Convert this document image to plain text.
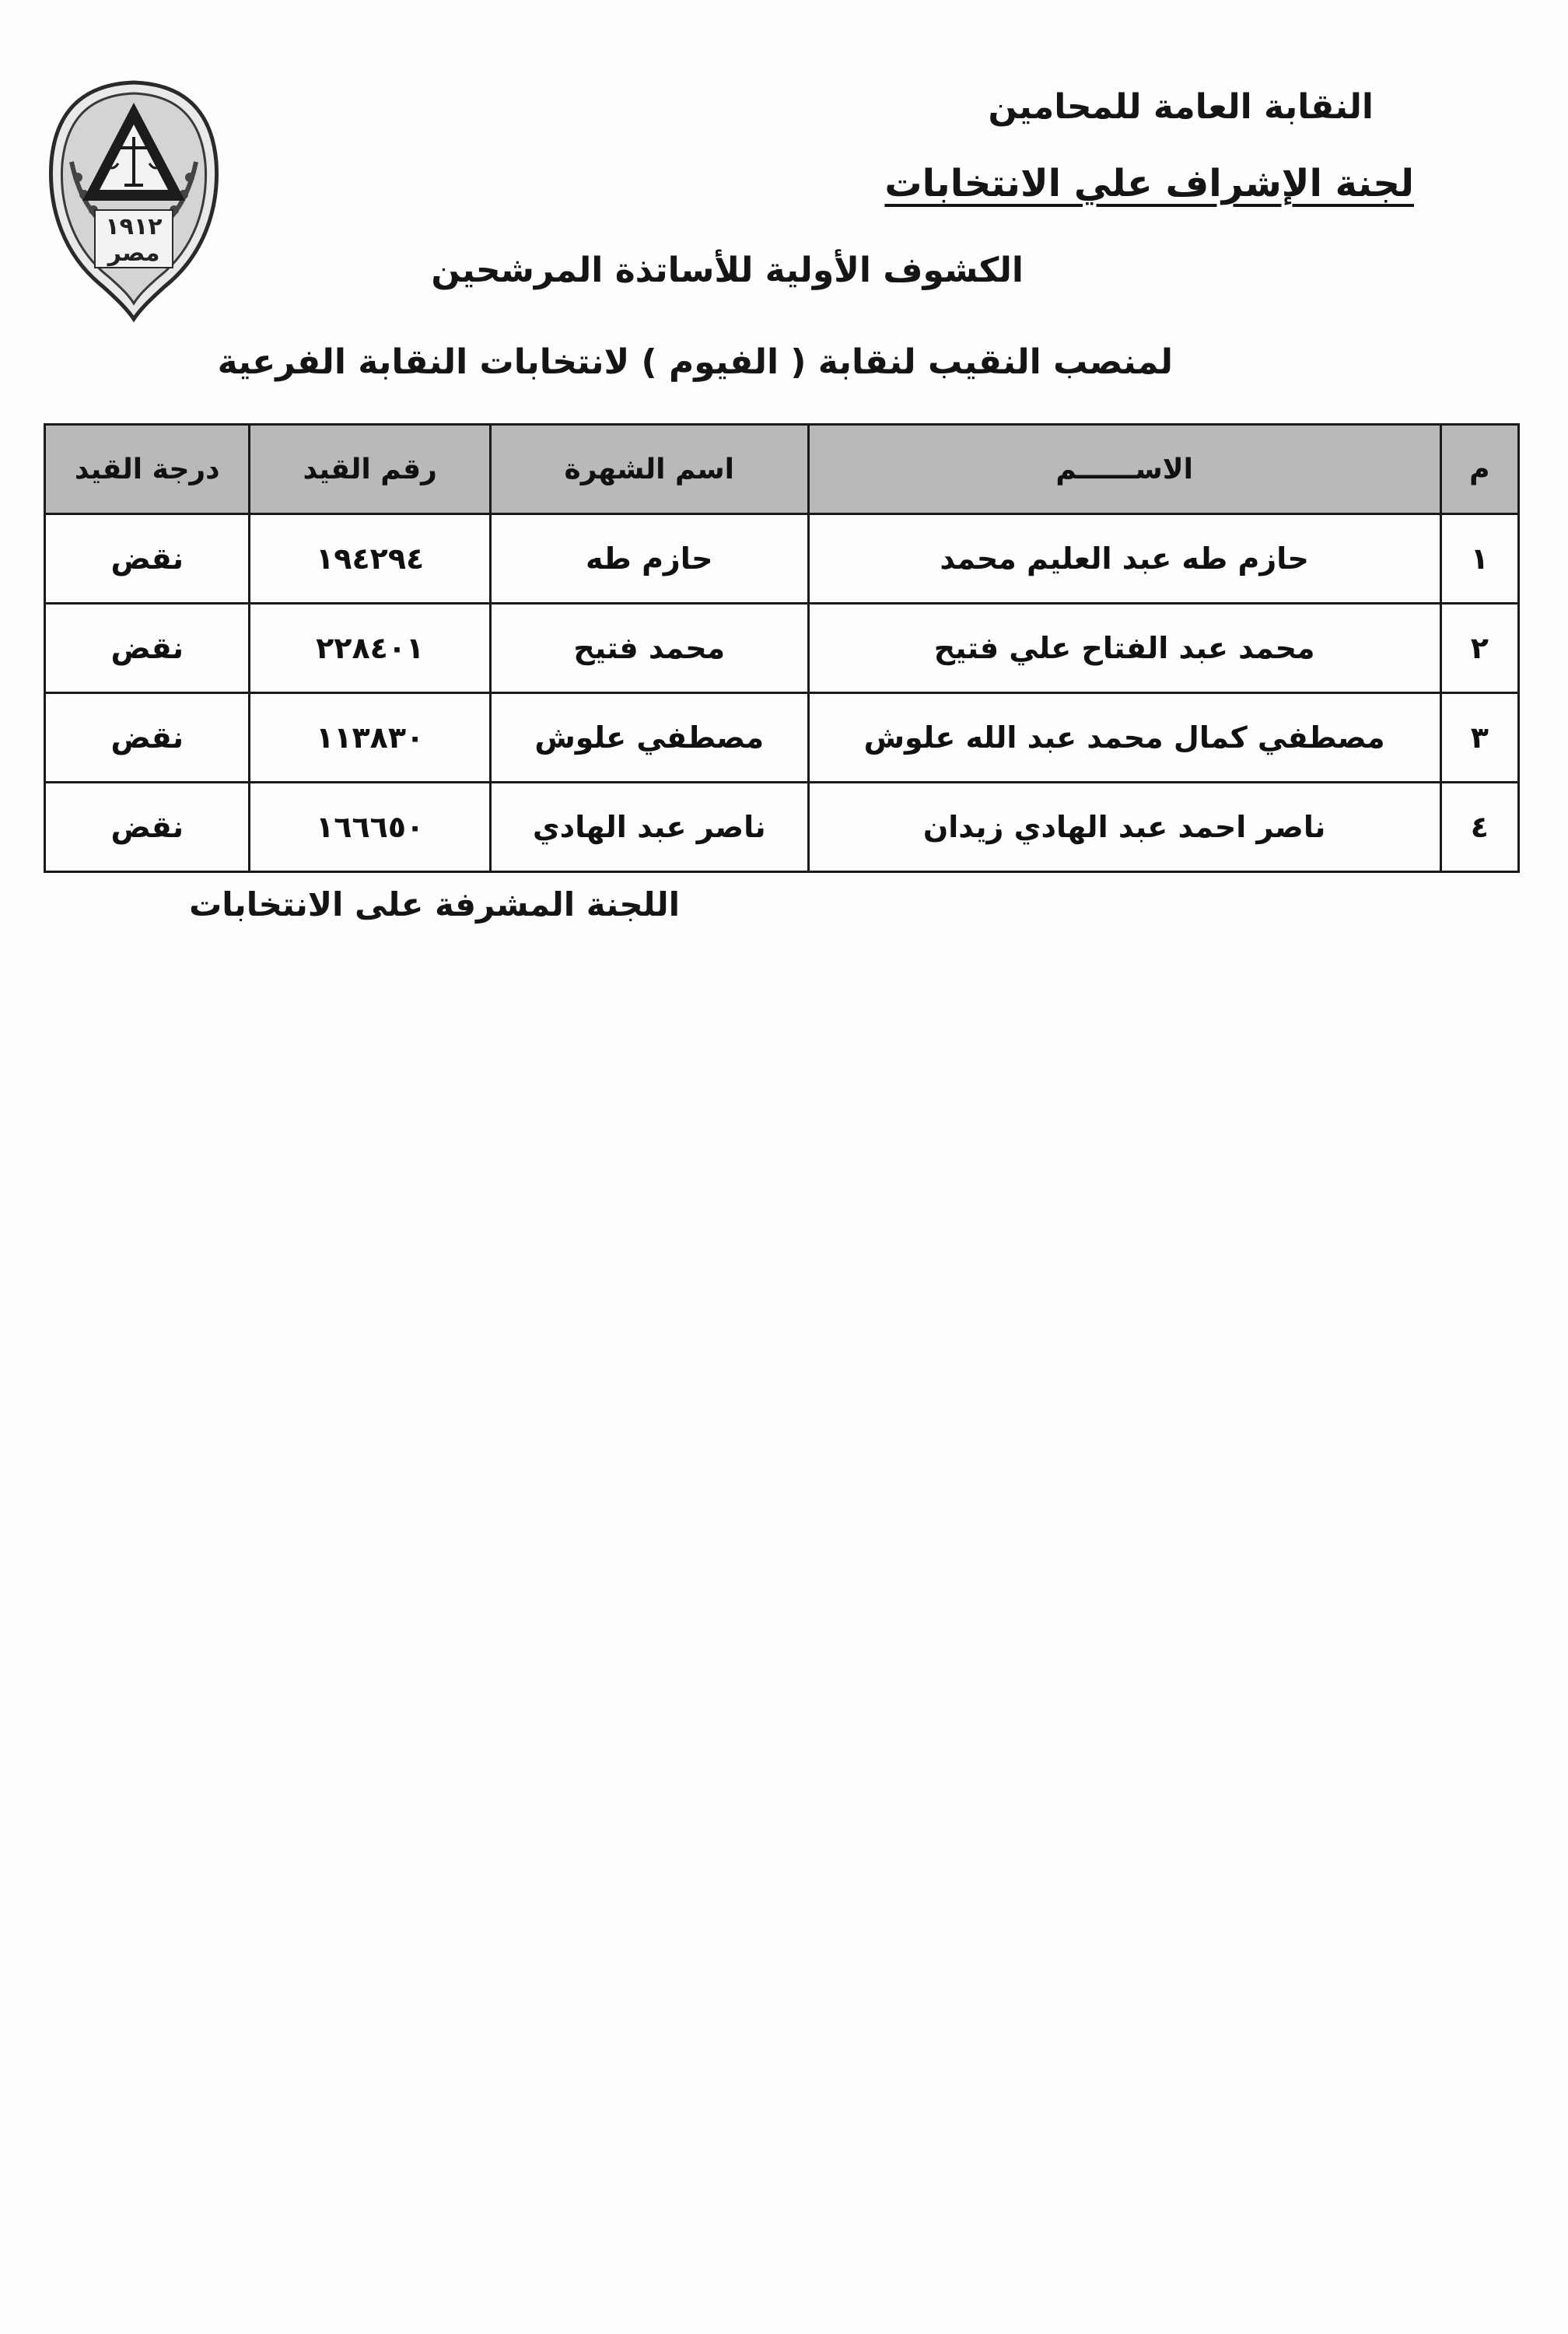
١٩١٢
مصر
النقابة العامة للمحامين
لجنة الإشراف علي الانتخابات
الكشوف الأولية للأساتذة المرشحين
لمنصب النقيب لنقابة ( الفيوم ) لانتخابات النقابة الفرعية
م	الاســــــم	اسم الشهرة	رقم القيد	درجة القيد
١	حازم طه عبد العليم محمد	حازم طه	١٩٤٢٩٤	نقض
٢	محمد عبد الفتاح علي فتيح	محمد فتيح	٢٢٨٤٠١	نقض
٣	مصطفي كمال محمد عبد الله علوش	مصطفي علوش	١١٣٨٣٠	نقض
٤	ناصر احمد عبد الهادي زيدان	ناصر عبد الهادي	١٦٦٦٥٠	نقض
اللجنة المشرفة على الانتخابات
